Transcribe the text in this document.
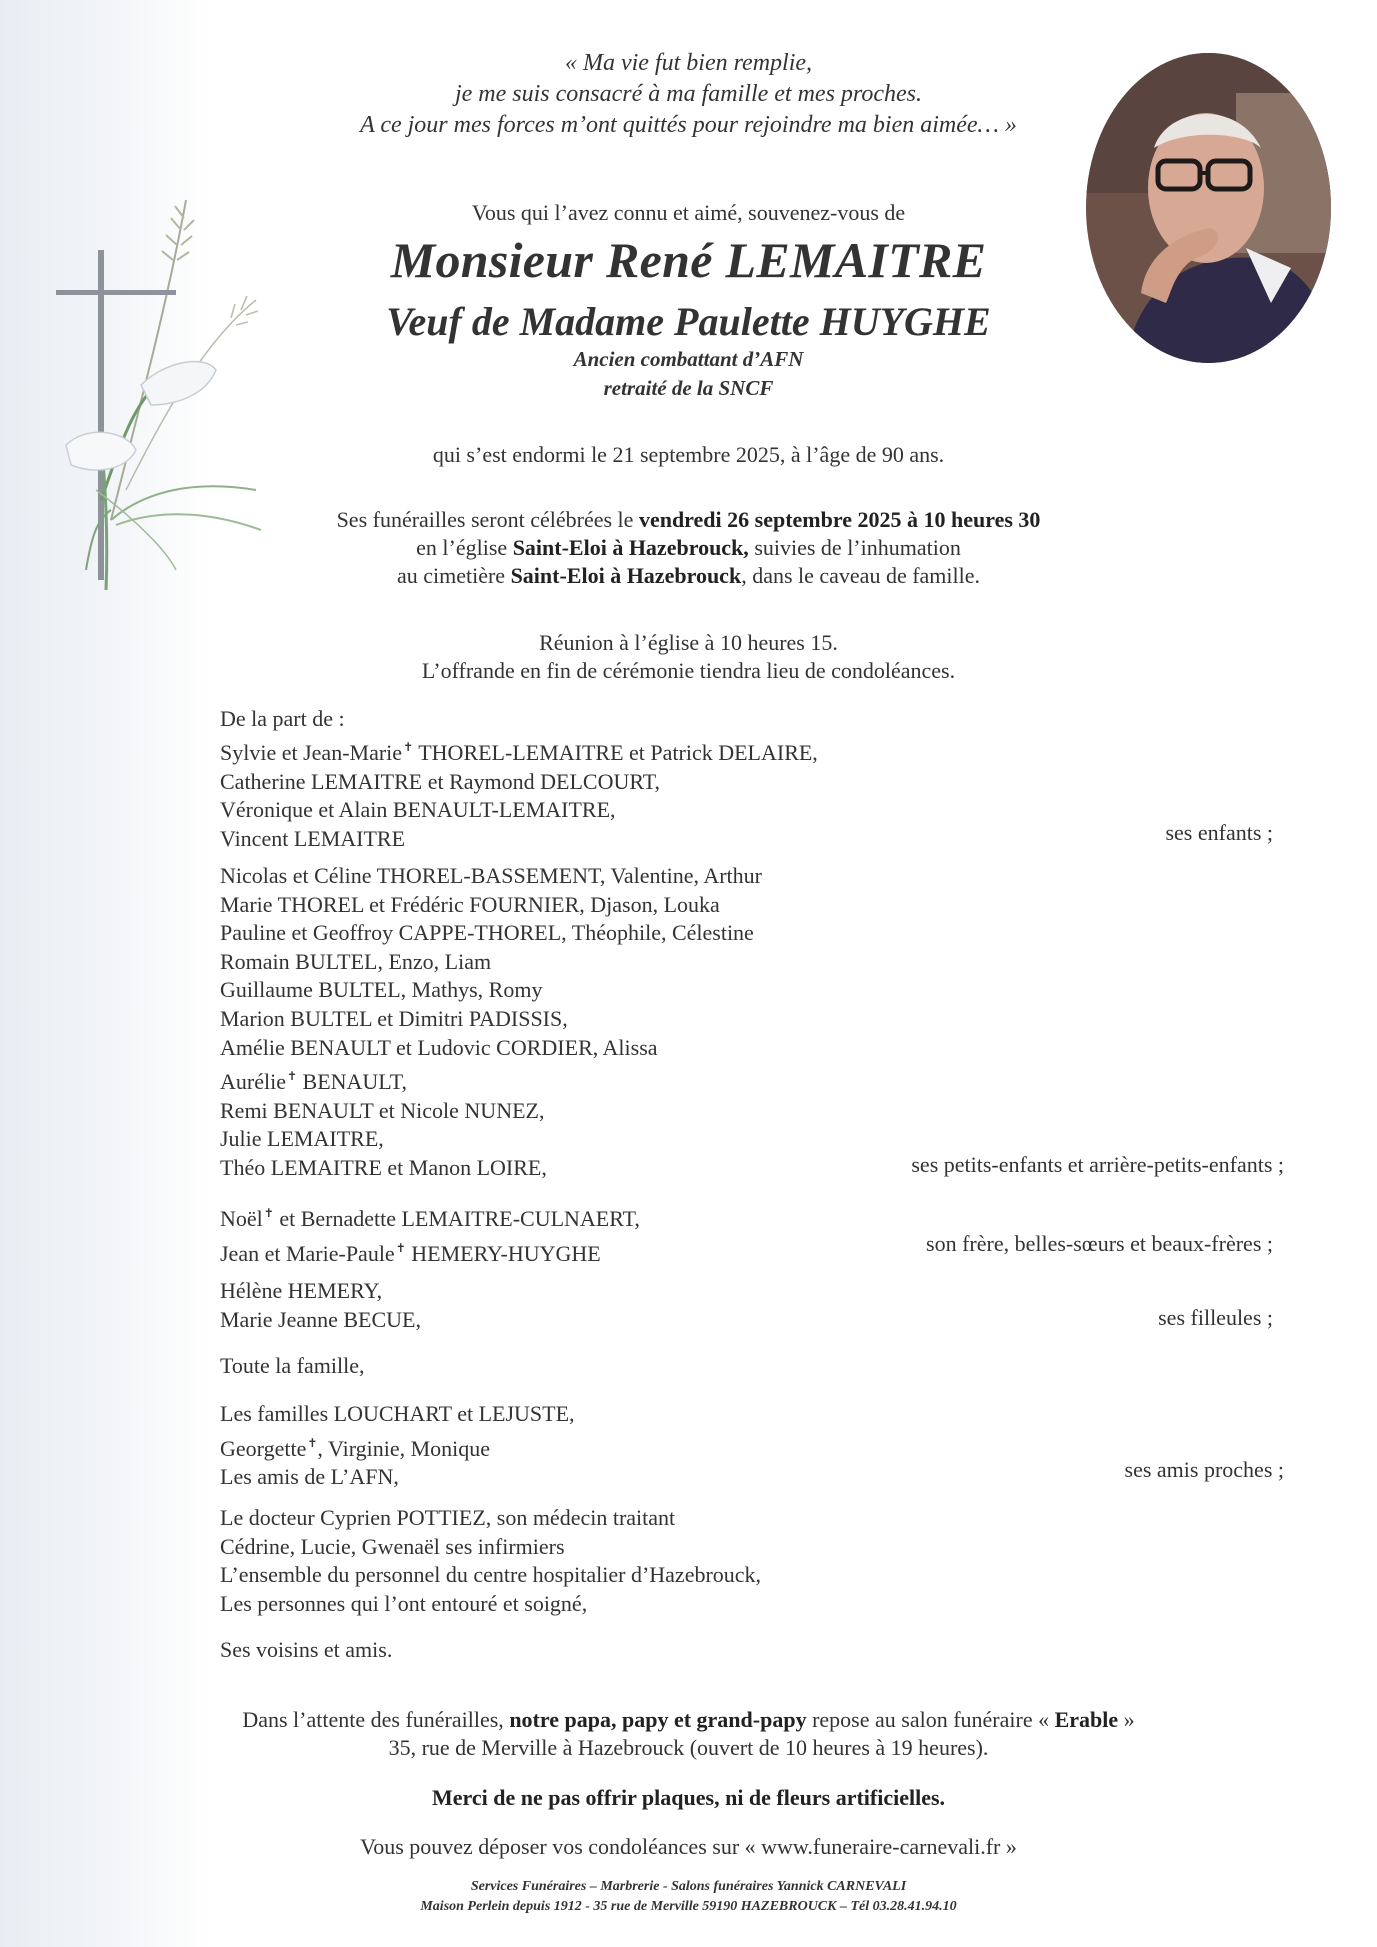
« Ma vie fut bien remplie,
je me suis consacré à ma famille et mes proches.
A ce jour mes forces m’ont quittés pour rejoindre ma bien aimée… »
Vous qui l’avez connu et aimé, souvenez-vous de
Monsieur René LEMAITRE
Veuf de Madame Paulette HUYGHE
Ancien combattant d’AFN
retraité de la SNCF
qui s’est endormi le 21 septembre 2025, à l’âge de 90 ans.
Ses funérailles seront célébrées le vendredi 26 septembre 2025 à 10 heures 30
en l’église Saint-Eloi à Hazebrouck, suivies de l’inhumation
au cimetière Saint-Eloi à Hazebrouck, dans le caveau de famille.
Réunion à l’église à 10 heures 15.
L’offrande en fin de cérémonie tiendra lieu de condoléances.
De la part de :
Sylvie et Jean-Marie✝ THOREL-LEMAITRE et Patrick DELAIRE,
Catherine LEMAITRE et Raymond DELCOURT,
Véronique et Alain BENAULT-LEMAITRE,
Vincent LEMAITRE	ses enfants ;
Nicolas et Céline THOREL-BASSEMENT, Valentine, Arthur
Marie THOREL et Frédéric FOURNIER, Djason, Louka
Pauline et Geoffroy CAPPE-THOREL, Théophile, Célestine
Romain BULTEL, Enzo, Liam
Guillaume BULTEL, Mathys, Romy
Marion BULTEL et Dimitri PADISSIS,
Amélie BENAULT et Ludovic CORDIER, Alissa
Aurélie✝ BENAULT,
Remi BENAULT et Nicole NUNEZ,
Julie LEMAITRE,
Théo LEMAITRE et Manon LOIRE,	ses petits-enfants et arrière-petits-enfants ;
Noël✝ et Bernadette LEMAITRE-CULNAERT,
Jean et Marie-Paule✝ HEMERY-HUYGHE	son frère, belles-sœurs et beaux-frères ;
Hélène HEMERY,
Marie Jeanne BECUE,	ses filleules ;
Toute la famille,
Les familles LOUCHART et LEJUSTE,
Georgette✝, Virginie, Monique
Les amis de L’AFN,	ses amis proches ;
Le docteur Cyprien POTTIEZ, son médecin traitant
Cédrine, Lucie, Gwenaël ses infirmiers
L’ensemble du personnel du centre hospitalier d’Hazebrouck,
Les personnes qui l’ont entouré et soigné,
Ses voisins et amis.
Dans l’attente des funérailles, notre papa, papy et grand-papy repose au salon funéraire « Erable »
35, rue de Merville à Hazebrouck (ouvert de 10 heures à 19 heures).
Merci de ne pas offrir plaques, ni de fleurs artificielles.
Vous pouvez déposer vos condoléances sur « www.funeraire-carnevali.fr »
Services Funéraires – Marbrerie - Salons funéraires Yannick CARNEVALI
Maison Perlein depuis 1912 - 35 rue de Merville 59190 HAZEBROUCK – Tél 03.28.41.94.10
